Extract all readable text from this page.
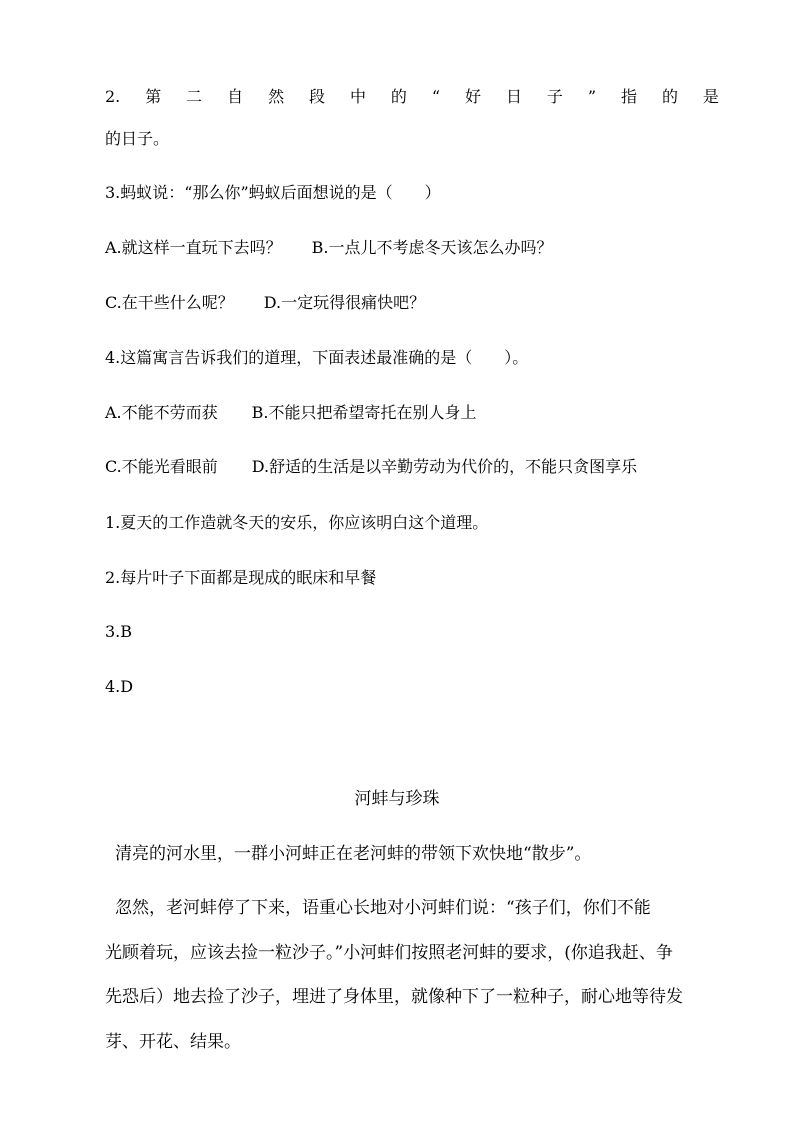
2. 第 二 自 然 段 中 的 “ 好 日 子 ” 指 的 是
的日子。
3.蚂蚁说：“那么你”蚂蚁后面想说的是（　　）
A.就这样一直玩下去吗？ B.一点儿不考虑冬天该怎么办吗？
C.在干些什么呢？ D.一定玩得很痛快吧？
4.这篇寓言告诉我们的道理，下面表述最准确的是（　　）。
A.不能不劳而获 B.不能只把希望寄托在别人身上
C.不能光看眼前 D.舒适的生活是以辛勤劳动为代价的，不能只贪图享乐
1.夏天的工作造就冬天的安乐，你应该明白这个道理。
2.每片叶子下面都是现成的眠床和早餐
3.B
4.D
河蚌与珍珠
清亮的河水里，一群小河蚌正在老河蚌的带领下欢快地“散步”。
忽然，老河蚌停了下来，语重心长地对小河蚌们说：“孩子们，你们不能
光顾着玩，应该去捡一粒沙子。”小河蚌们按照老河蚌的要求，(你追我赶、争
先恐后）地去捡了沙子，埋进了身体里，就像种下了一粒种子，耐心地等待发
芽、开花、结果。
